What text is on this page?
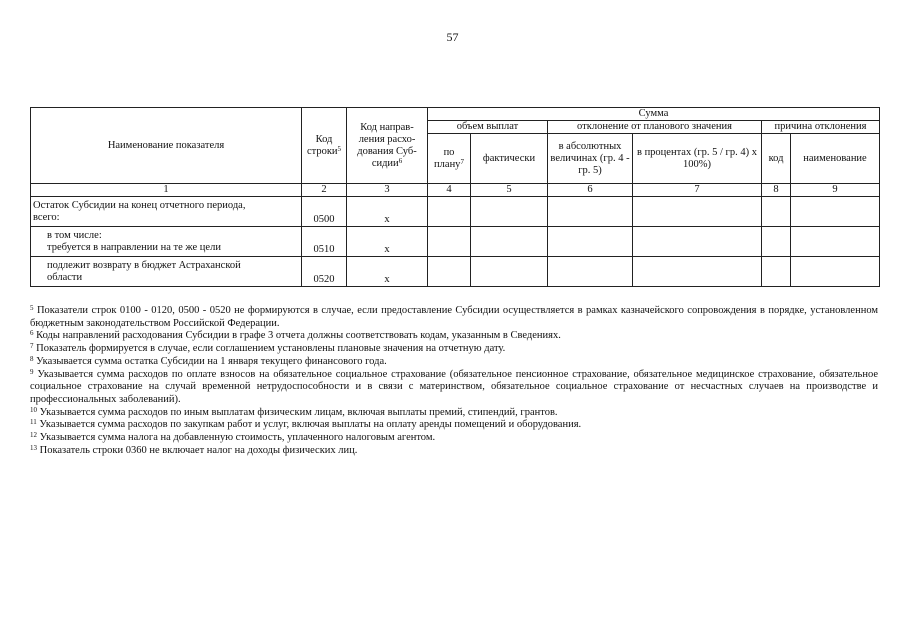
57
Наименование показателя	Код строки$^5$	Код направ-ления расхо-дования Суб-сидии$^6$	Сумма					
			объем выплат		отклонение от планового значения		причина отклонения	
			по плану$^7$	фактически	в абсолютных величинах (гр. 4 - гр. 5)	в процентах (гр. 5 / гр. 4) x 100%)	код	наименование
1	2	3	4	5	6	7	8	9

Остаток Субсидии на конец отчетного периода,
всего:	0500	x						

в том числе:
требуется в направлении на те же цели	0510	x						

подлежит возврату в бюджет Астраханской
области	0520	x						

$^5$ Показатели строк 0100 - 0120, 0500 - 0520 не формируются в случае, если предоставление Субсидии осуществляется в рамках казначейского сопровождения в порядке, установленном бюджетным законодательством Российской Федерации.

$^6$ Коды направлений расходования Субсидии в графе 3 отчета должны соответствовать кодам, указанным в Сведениях.

$^7$ Показатель формируется в случае, если соглашением установлены плановые значения на отчетную дату.

$^8$ Указывается сумма остатка Субсидии на 1 января текущего финансового года.

$^9$ Указывается сумма расходов по оплате взносов на обязательное социальное страхование (обязательное пенсионное страхование, обязательное медицинское страхование, обязательное социальное страхование на случай временной нетрудоспособности и в связи с материнством, обязательное социальное страхование от несчастных случаев на производстве и профессиональных заболеваний).

$^{10}$ Указывается сумма расходов по иным выплатам физическим лицам, включая выплаты премий, стипендий, грантов.

$^{11}$ Указывается сумма расходов по закупкам работ и услуг, включая выплаты на оплату аренды помещений и оборудования.

$^{12}$ Указывается сумма налога на добавленную стоимость, уплаченного налоговым агентом.

$^{13}$ Показатель строки 0360 не включает налог на доходы физических лиц.
